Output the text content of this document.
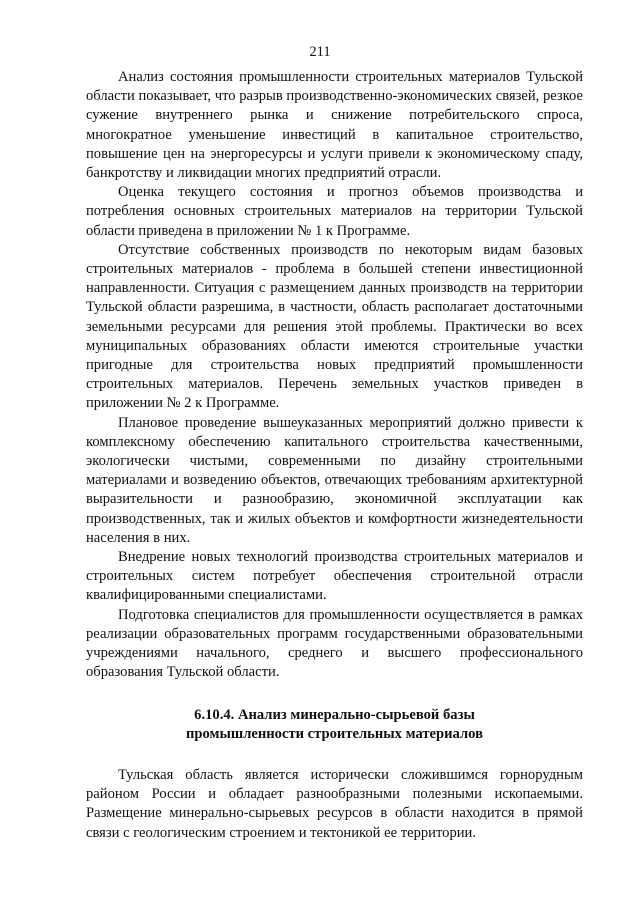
211

Анализ состояния промышленности строительных материалов Тульской области показывает, что разрыв производственно-экономических связей, резкое сужение внутреннего рынка и снижение потребительского спроса, многократное уменьшение инвестиций в капитальное строительство, повышение цен на энергоресурсы и услуги привели к экономическому спаду, банкротству и ликвидации многих предприятий отрасли.

Оценка текущего состояния и прогноз объемов производства и потребления основных строительных материалов на территории Тульской области приведена в приложении № 1 к Программе.

Отсутствие собственных производств по некоторым видам базовых строительных материалов - проблема в большей степени инвестиционной направленности. Ситуация с размещением данных производств на территории Тульской области разрешима, в частности, область располагает достаточными земельными ресурсами для решения этой проблемы. Практически во всех муниципальных образованиях области имеются строительные участки пригодные для строительства новых предприятий промышленности строительных материалов. Перечень земельных участков приведен в приложении № 2 к Программе.

Плановое проведение вышеуказанных мероприятий должно привести к комплексному обеспечению капитального строительства качественными, экологически чистыми, современными по дизайну строительными материалами и возведению объектов, отвечающих требованиям архитектурной выразительности и разнообразию, экономичной эксплуатации как производственных, так и жилых объектов и комфортности жизнедеятельности населения в них.

Внедрение новых технологий производства строительных материалов и строительных систем потребует обеспечения строительной отрасли квалифицированными специалистами.

Подготовка специалистов для промышленности осуществляется в рамках реализации образовательных программ государственными образовательными учреждениями начального, среднего и высшего профессионального образования Тульской области.

6.10.4. Анализ минерально-сырьевой базы
промышленности строительных материалов

Тульская область является исторически сложившимся горнорудным районом России и обладает разнообразными полезными ископаемыми. Размещение минерально-сырьевых ресурсов в области находится в прямой связи с геологическим строением и тектоникой ее территории.
